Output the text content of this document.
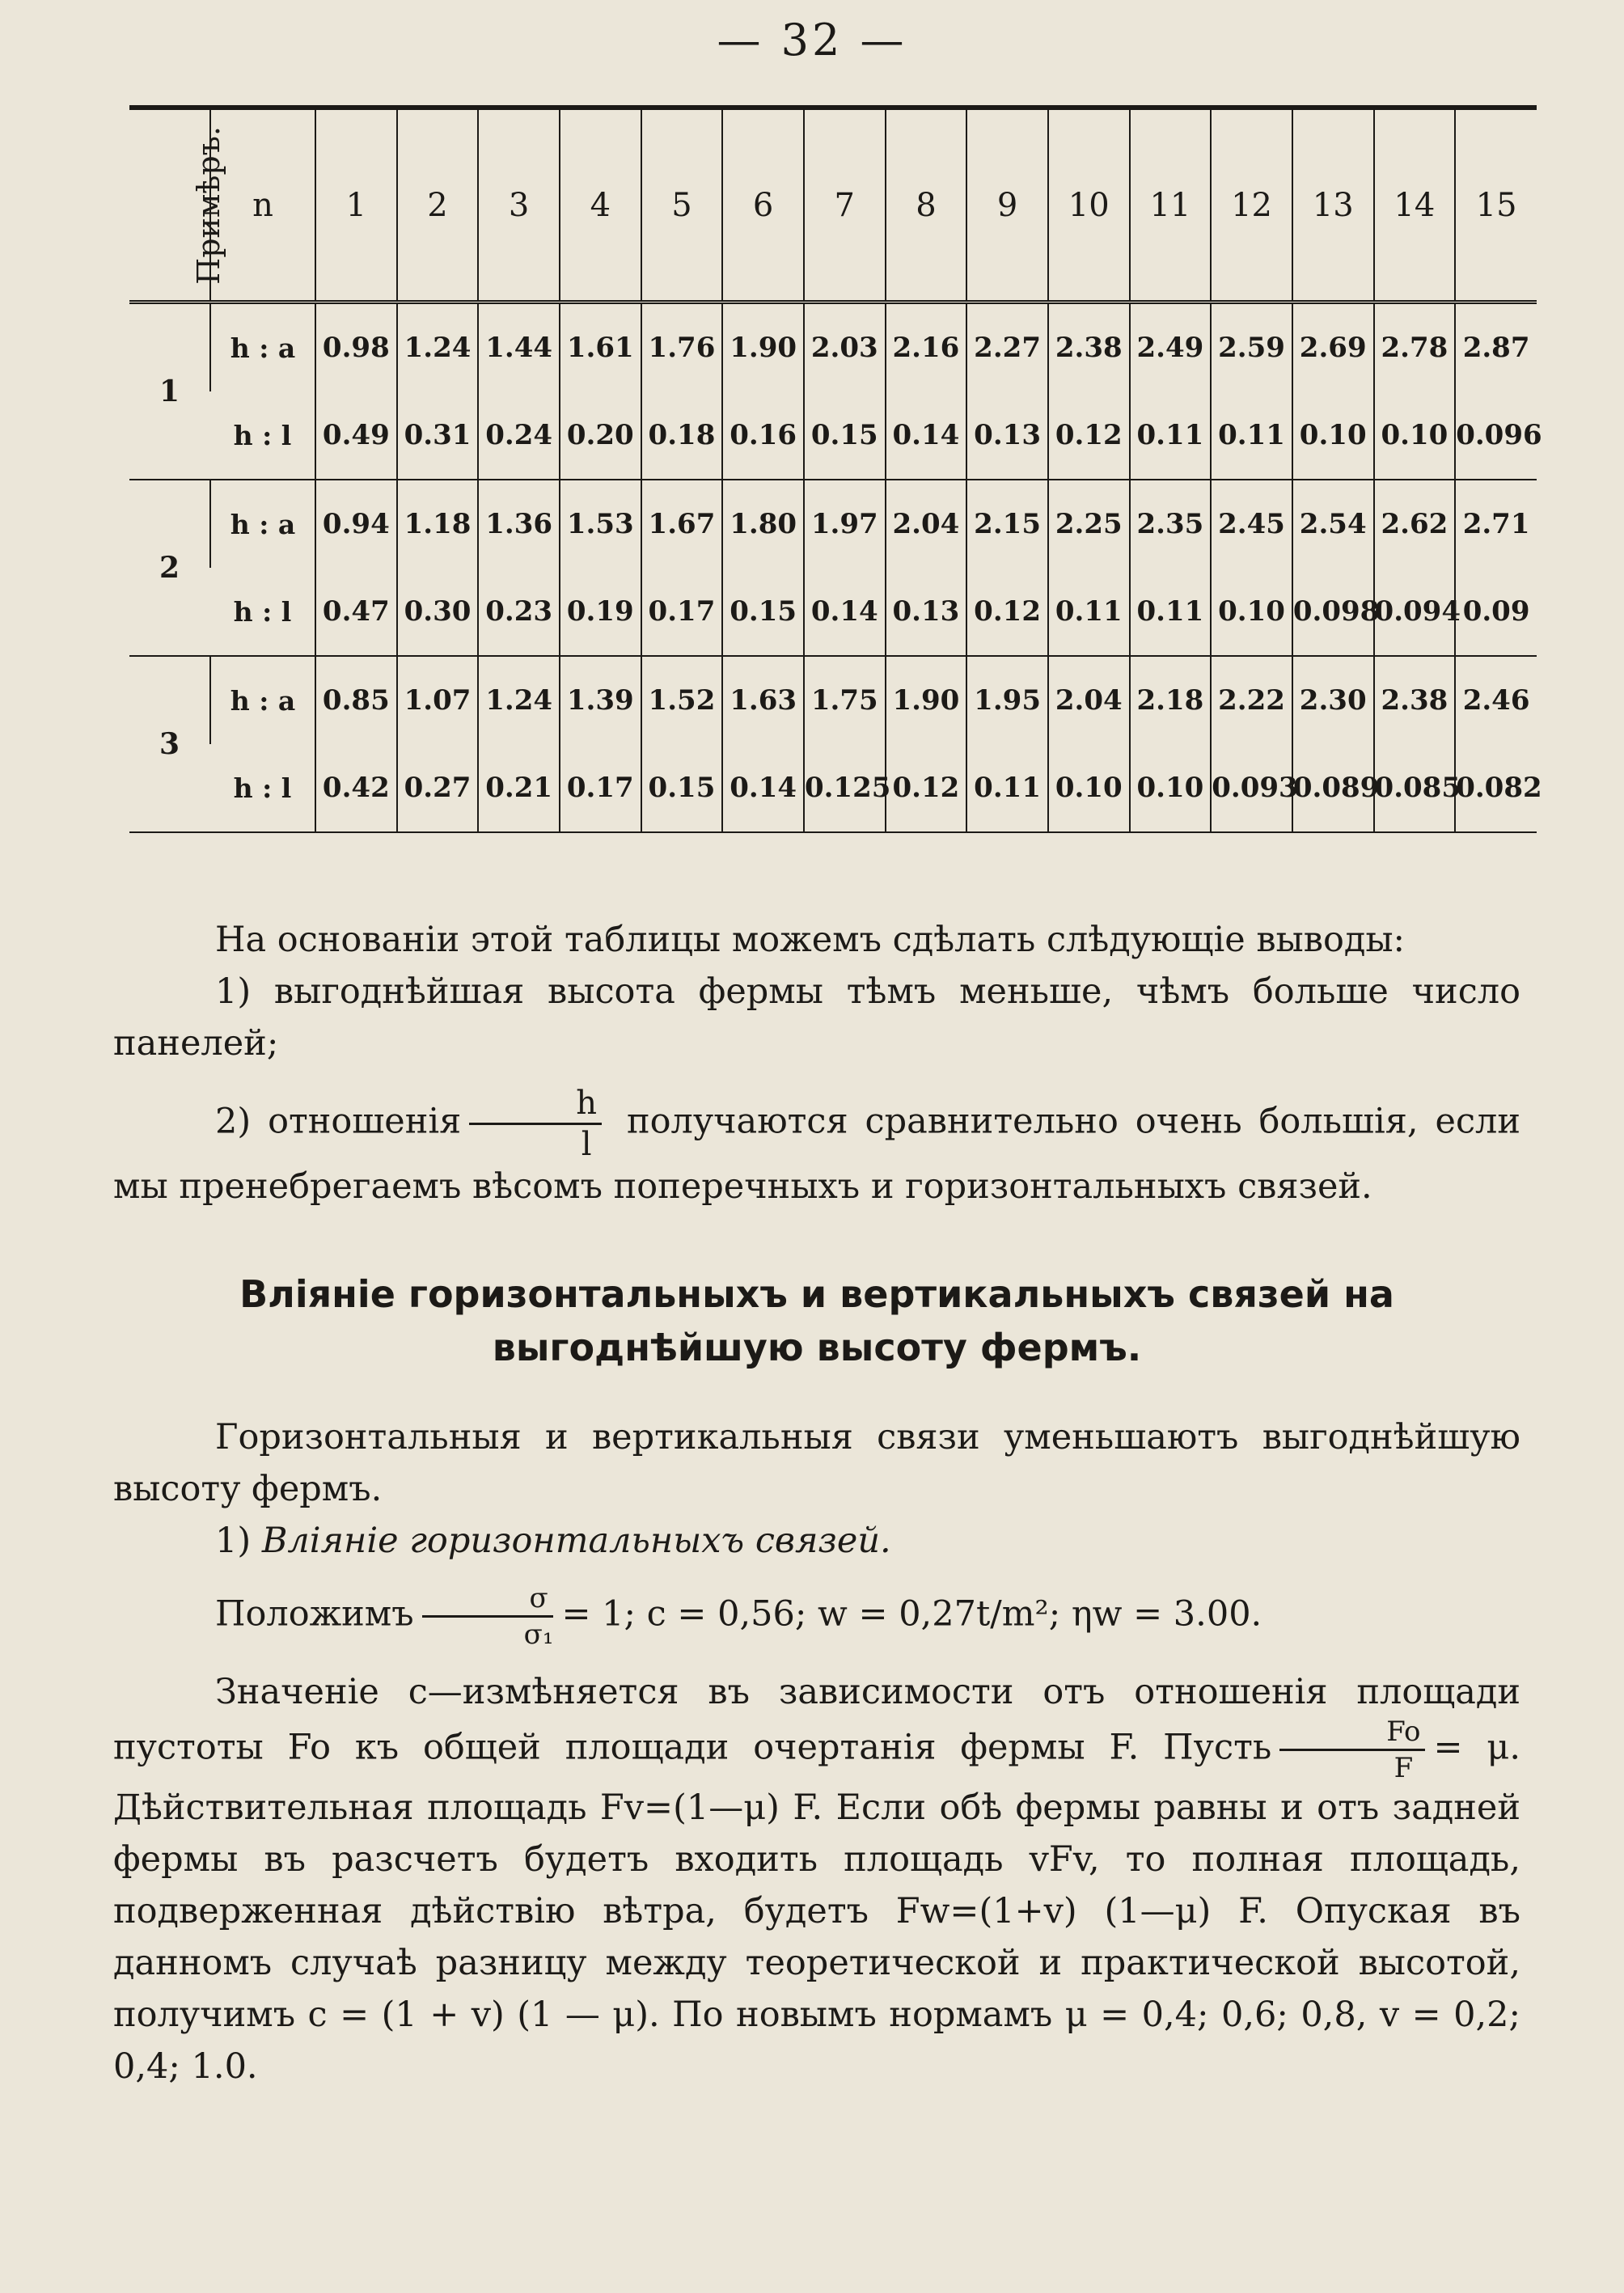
— 32 —
Примѣръ.	n	1	2	3	4	5	6	7	8	9	10	11	12	13	14	15
1	h : a	0.98	1.24	1.44	1.61	1.76	1.90	2.03	2.16	2.27	2.38	2.49	2.59	2.69	2.78	2.87
	h : l	0.49	0.31	0.24	0.20	0.18	0.16	0.15	0.14	0.13	0.12	0.11	0.11	0.10	0.10	0.096
2	h : a	0.94	1.18	1.36	1.53	1.67	1.80	1.97	2.04	2.15	2.25	2.35	2.45	2.54	2.62	2.71
	h : l	0.47	0.30	0.23	0.19	0.17	0.15	0.14	0.13	0.12	0.11	0.11	0.10	0.098	0.094	0.09
3	h : a	0.85	1.07	1.24	1.39	1.52	1.63	1.75	1.90	1.95	2.04	2.18	2.22	2.30	2.38	2.46
	h : l	0.42	0.27	0.21	0.17	0.15	0.14	0.125	0.12	0.11	0.10	0.10	0.093	0.089	0.085	0.082

На основаніи этой таблицы можемъ сдѣлать слѣдующіе выводы:

1) выгоднѣйшая высота фермы тѣмъ меньше, чѣмъ больше число панелей;

2) отношенія $\frac{h}{l}$ получаются сравнительно очень большія, если мы пренебрегаемъ вѣсомъ поперечныхъ и горизонтальныхъ связей.

Вліяніе горизонтальныхъ и вертикальныхъ связей на выгоднѣйшую высоту фермъ.

Горизонтальныя и вертикальныя связи уменьшаютъ выгоднѣйшую высоту фермъ.

1) Вліяніе горизонтальныхъ связей.

Положимъ $\frac{\sigma}{\text{σ₁}} = 1$; c = 0,56; w = 0,27t/m²; ηw = 3.00.

Значеніе c—измѣняется въ зависимости отъ отношенія площади пустоты Fo къ общей площади очертанія фермы F. Пусть $\frac{Fo}{F} = \mu$. Дѣйствительная площадь Fv=(1—μ) F. Если обѣ фермы равны и отъ задней фермы въ разсчетъ будетъ входить площадь vFv, то полная площадь, подверженная дѣйствію вѣтра, будетъ Fw=(1+v) (1—μ) F. Опуская въ данномъ случаѣ разницу между теоретической и практической высотой, получимъ c = (1 + v) (1 — μ). По новымъ нормамъ μ = 0,4; 0,6; 0,8, v = 0,2; 0,4; 1.0.
